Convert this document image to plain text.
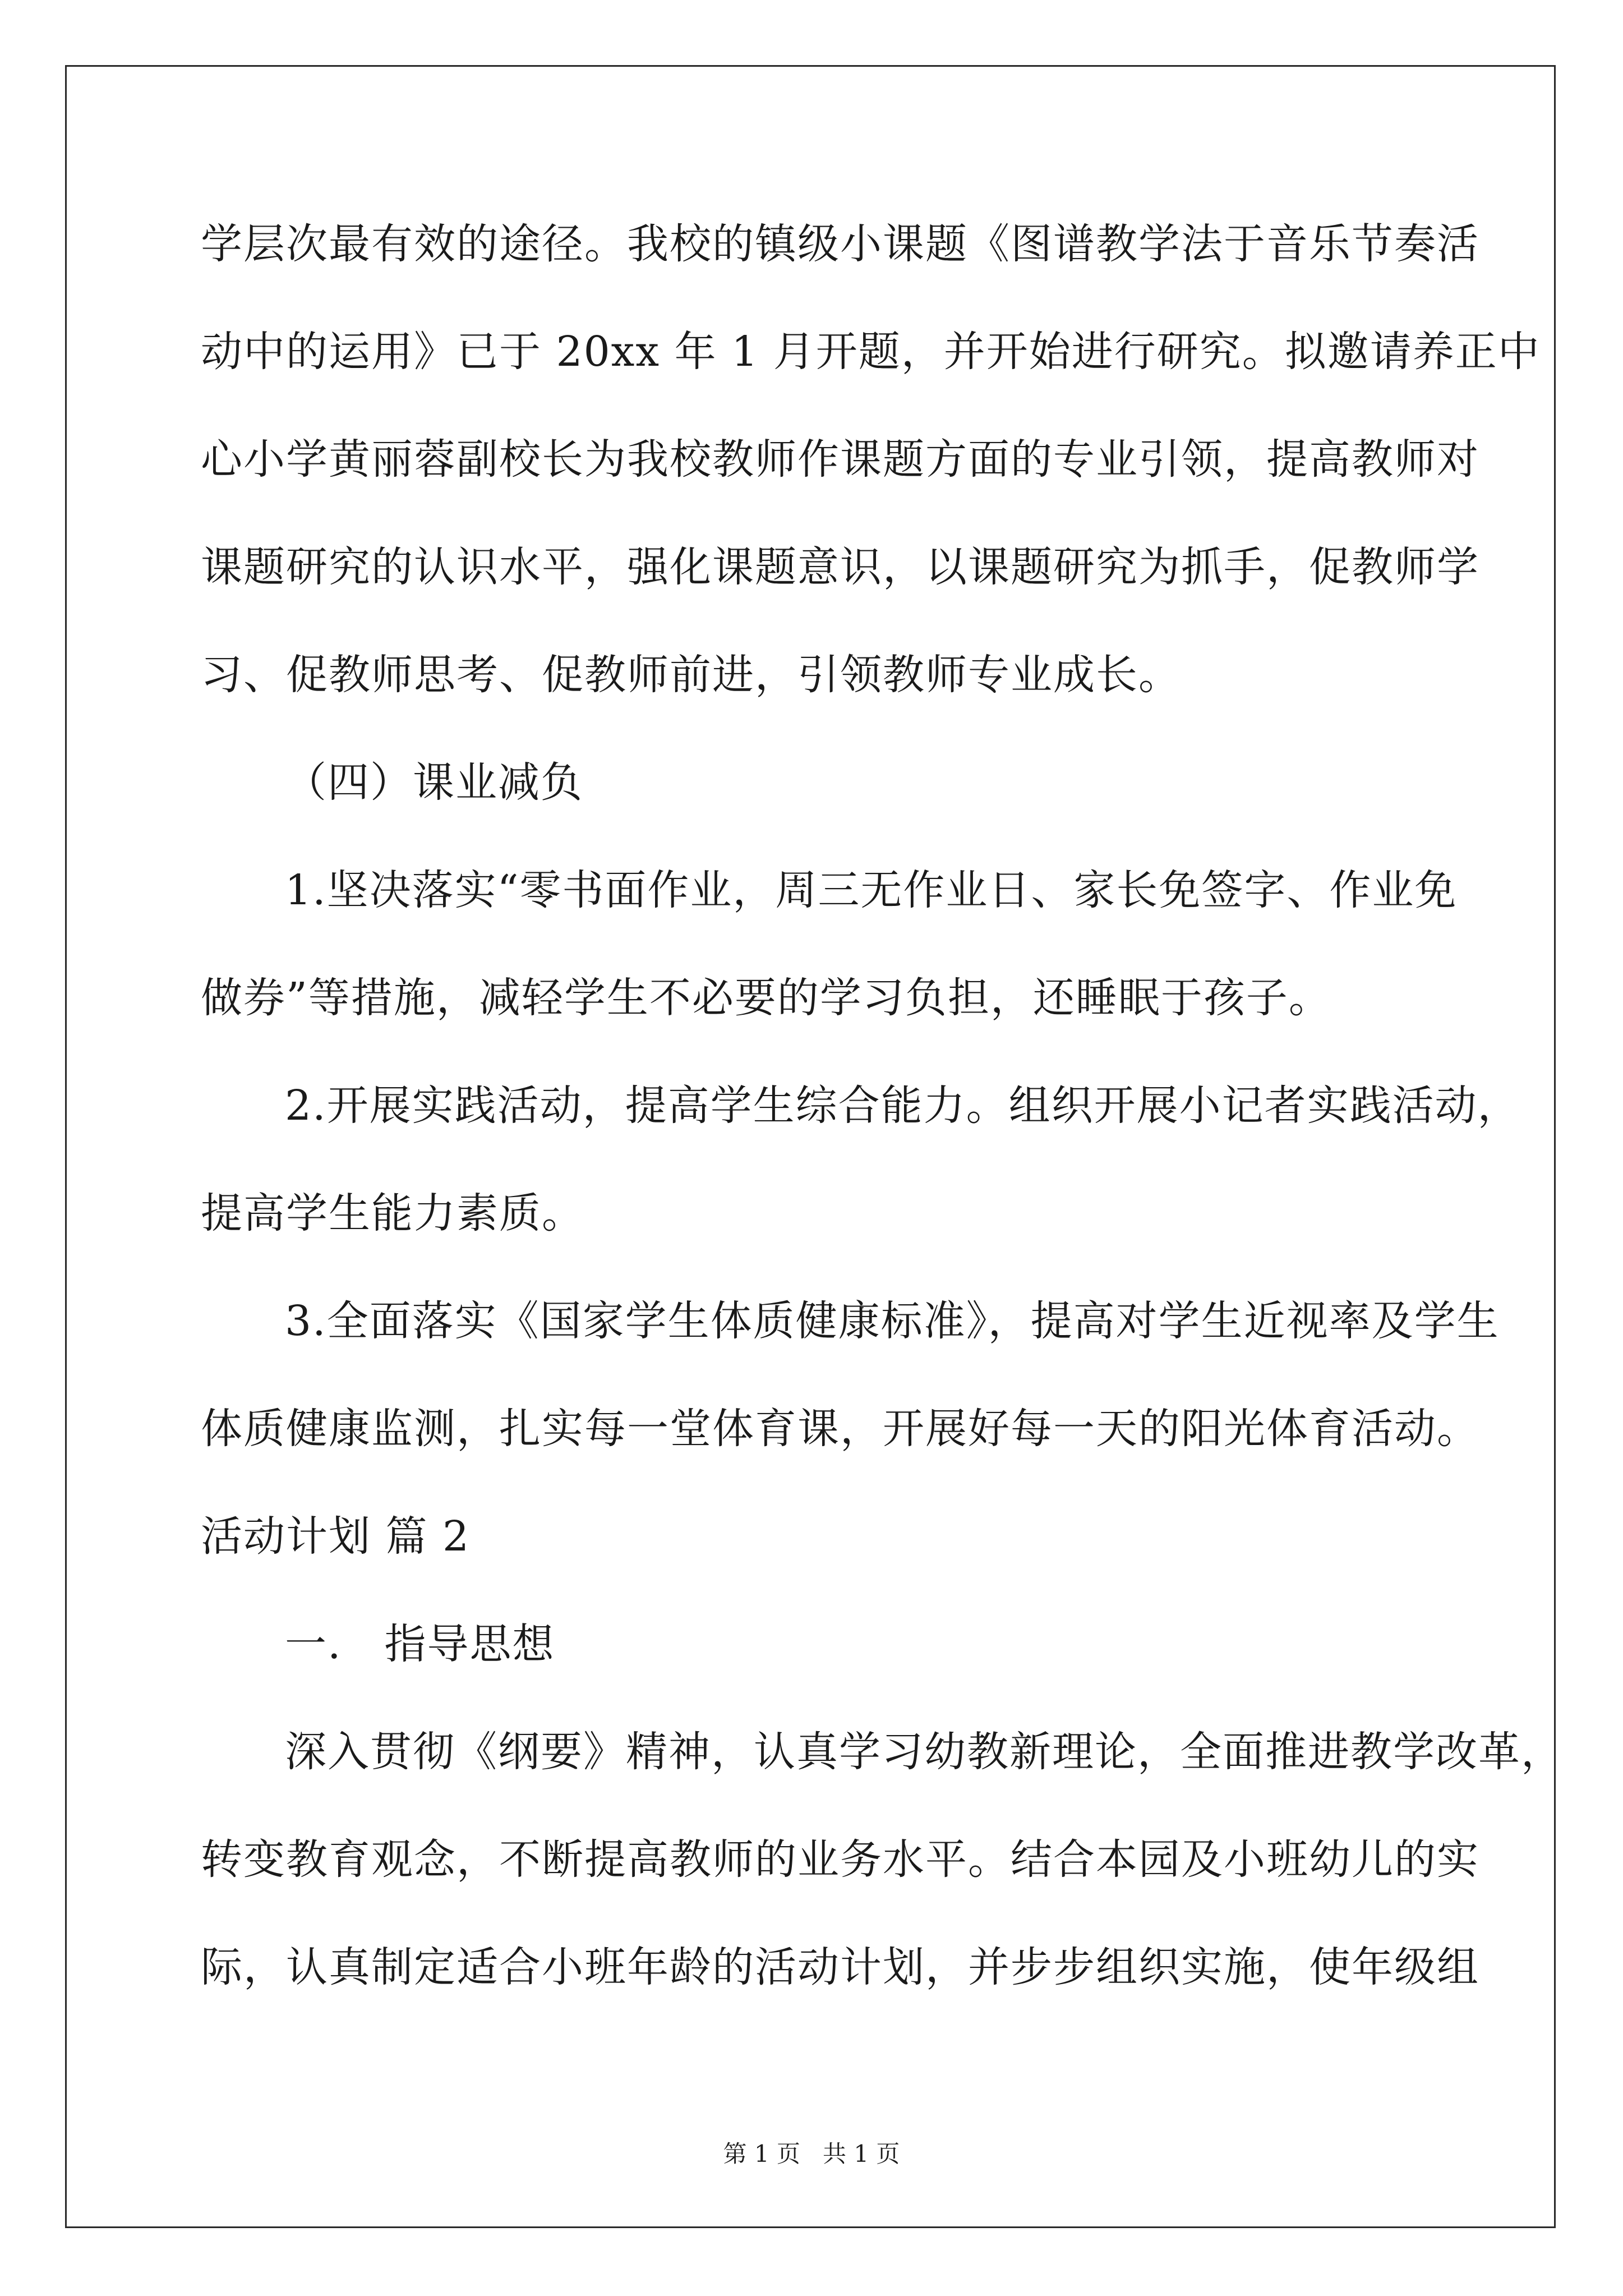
学层次最有效的途径。我校的镇级小课题《图谱教学法于音乐节奏活
动中的运用》已于 20xx 年 1 月开题，并开始进行研究。拟邀请养正中
心小学黄丽蓉副校长为我校教师作课题方面的专业引领，提高教师对
课题研究的认识水平，强化课题意识，以课题研究为抓手，促教师学
习、促教师思考、促教师前进，引领教师专业成长。
（四）课业减负
1.坚决落实“零书面作业，周三无作业日、家长免签字、作业免
做券”等措施，减轻学生不必要的学习负担，还睡眠于孩子。
2.开展实践活动，提高学生综合能力。组织开展小记者实践活动，
提高学生能力素质。
3.全面落实《国家学生体质健康标准》，提高对学生近视率及学生
体质健康监测，扎实每一堂体育课，开展好每一天的阳光体育活动。
活动计划 篇 2
一.　指导思想
深入贯彻《纲要》精神，认真学习幼教新理论，全面推进教学改革，
转变教育观念，不断提高教师的业务水平。结合本园及小班幼儿的实
际，认真制定适合小班年龄的活动计划，并步步组织实施，使年级组
第 1 页 共 1 页
